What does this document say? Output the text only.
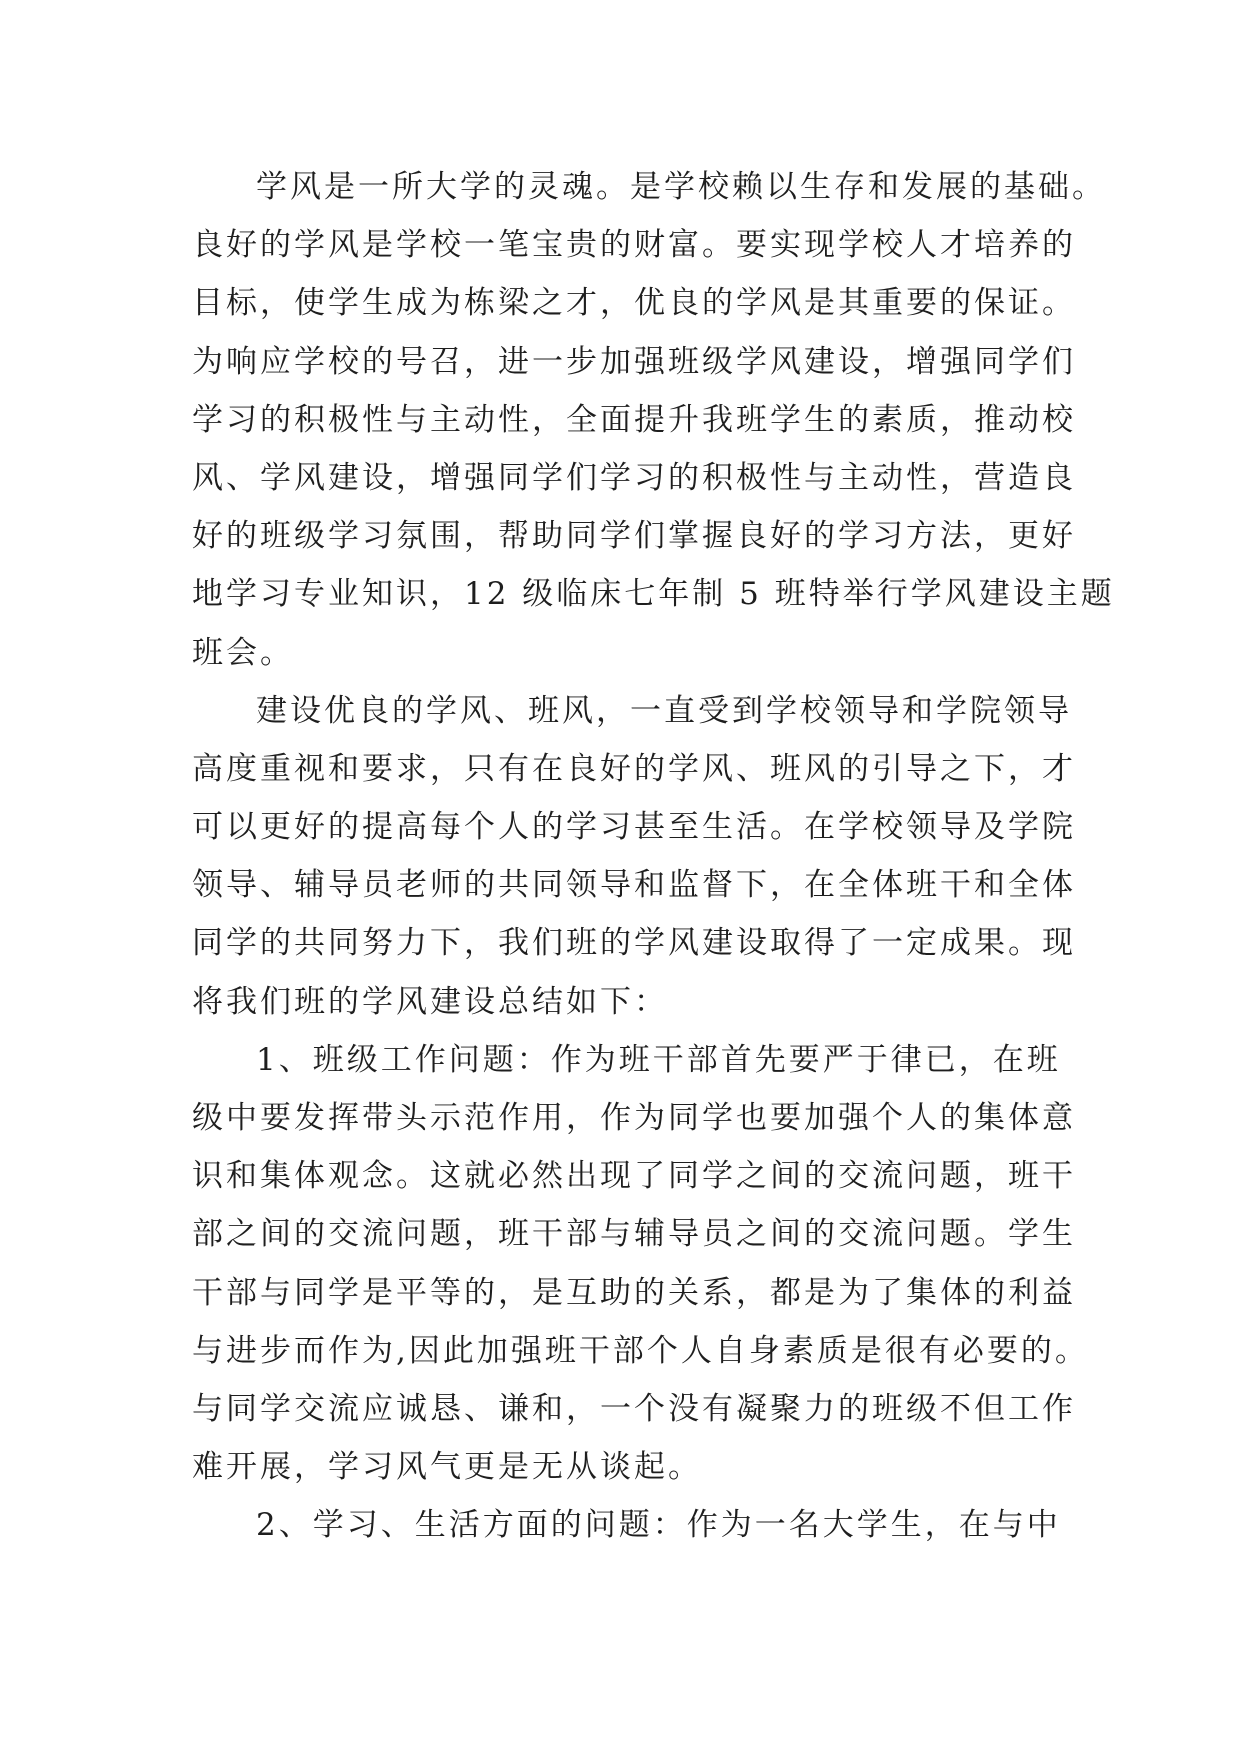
学风是一所大学的灵魂。是学校赖以生存和发展的基础。
良好的学风是学校一笔宝贵的财富。要实现学校人才培养的
目标，使学生成为栋梁之才，优良的学风是其重要的保证。
为响应学校的号召，进一步加强班级学风建设，增强同学们
学习的积极性与主动性，全面提升我班学生的素质，推动校
风、学风建设，增强同学们学习的积极性与主动性，营造良
好的班级学习氛围，帮助同学们掌握良好的学习方法，更好
地学习专业知识，12 级临床七年制 5 班特举行学风建设主题
班会。
建设优良的学风、班风，一直受到学校领导和学院领导
高度重视和要求，只有在良好的学风、班风的引导之下，才
可以更好的提高每个人的学习甚至生活。在学校领导及学院
领导、辅导员老师的共同领导和监督下，在全体班干和全体
同学的共同努力下，我们班的学风建设取得了一定成果。现
将我们班的学风建设总结如下：
1、班级工作问题：作为班干部首先要严于律已，在班
级中要发挥带头示范作用，作为同学也要加强个人的集体意
识和集体观念。这就必然出现了同学之间的交流问题，班干
部之间的交流问题，班干部与辅导员之间的交流问题。学生
干部与同学是平等的，是互助的关系，都是为了集体的利益
与进步而作为,因此加强班干部个人自身素质是很有必要的。
与同学交流应诚恳、谦和，一个没有凝聚力的班级不但工作
难开展，学习风气更是无从谈起。
2、学习、生活方面的问题：作为一名大学生，在与中
